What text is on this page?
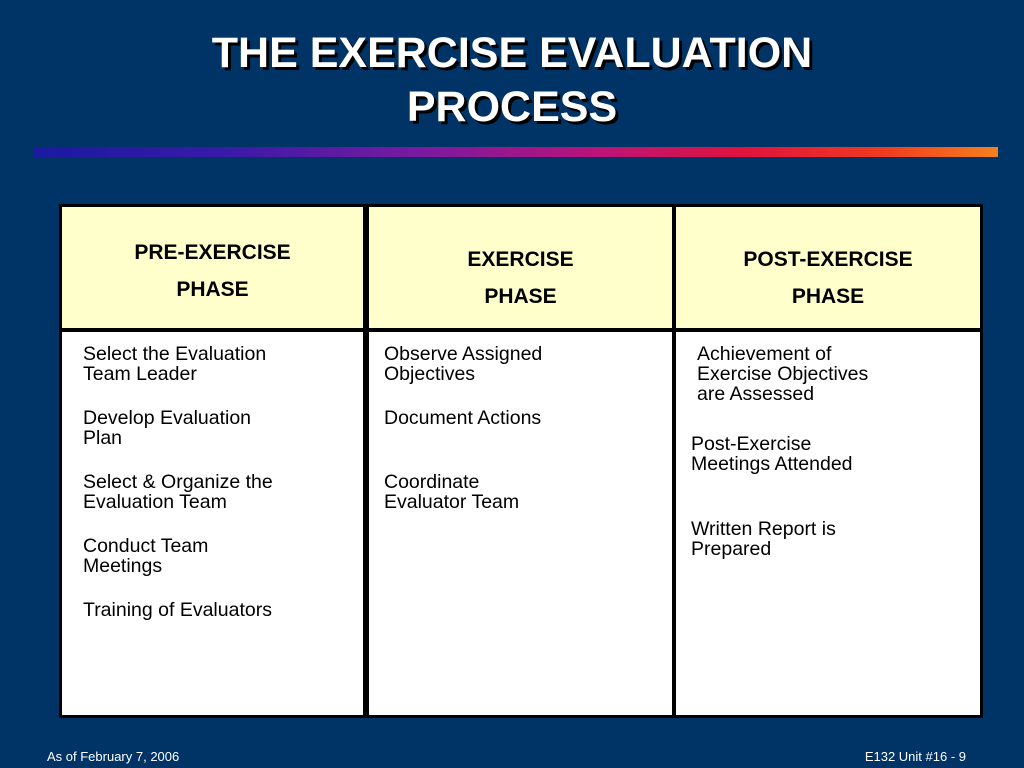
THE EXERCISE EVALUATION
PROCESS
PRE-EXERCISE
PHASE

Select the Evaluation
Team Leader

Develop Evaluation
Plan

Select & Organize the
Evaluation Team

Conduct Team
Meetings

Training of Evaluators

EXERCISE
PHASE

Observe Assigned
Objectives

Document Actions

Coordinate
Evaluator Team

POST-EXERCISE
PHASE

Achievement of
Exercise Objectives
are Assessed

Post-Exercise
Meetings Attended

Written Report is
Prepared

As of February 7, 2006	E132 Unit #16 - 9
